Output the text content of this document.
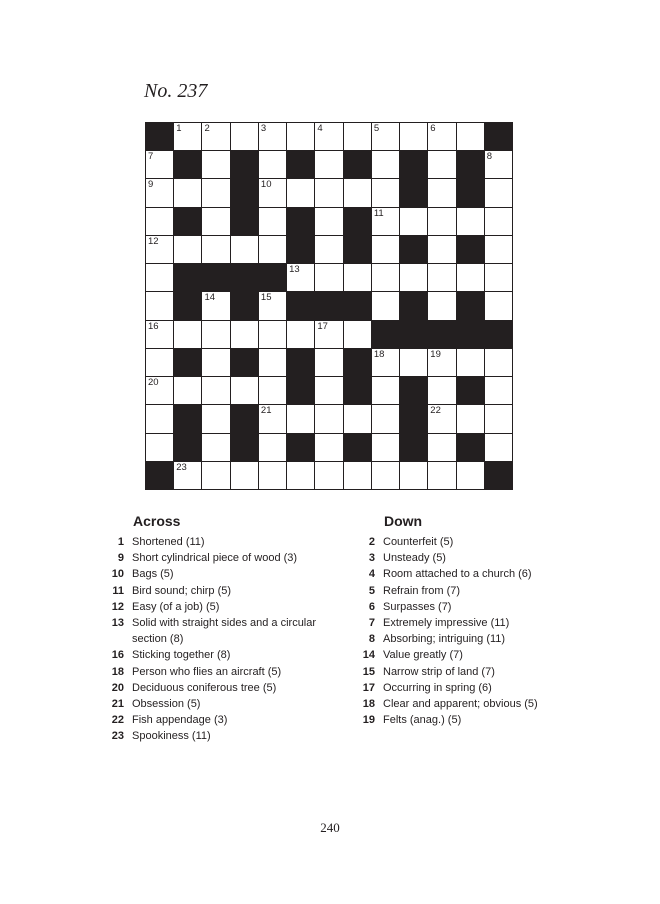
No. 237
1 2	3	4	5	6
7	8
9	10
11
12
13
14	15
16	17
18	19
20
21	22
23
Across
1 Shortened (11)
9 Short cylindrical piece of wood (3)
10 Bags (5)
11 Bird sound; chirp (5)
12 Easy (of a job) (5)
13 Solid with straight sides and a circular section (8)
16 Sticking together (8)
18 Person who flies an aircraft (5)
20 Deciduous coniferous tree (5)
21 Obsession (5)
22 Fish appendage (3)
23 Spookiness (11)
Down
2 Counterfeit (5)
3 Unsteady (5)
4 Room attached to a church (6)
5 Refrain from (7)
6 Surpasses (7)
7 Extremely impressive (11)
8 Absorbing; intriguing (11)
14 Value greatly (7)
15 Narrow strip of land (7)
17 Occurring in spring (6)
18 Clear and apparent; obvious (5)
19 Felts (anag.) (5)
240
